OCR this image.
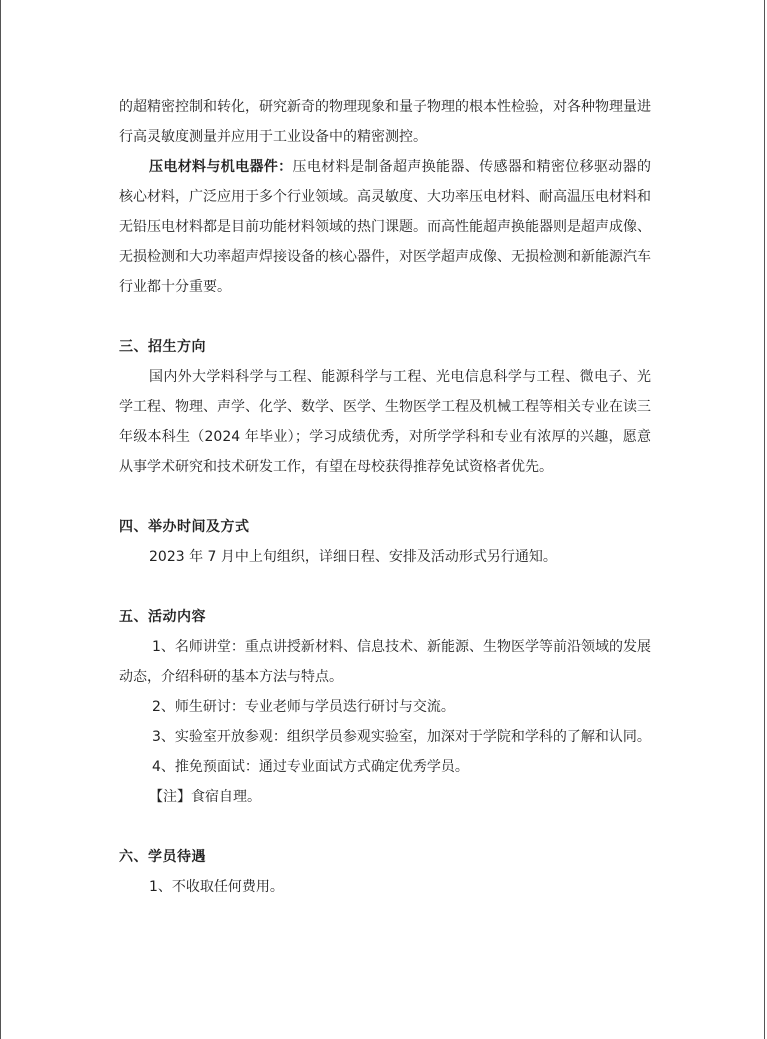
的超精密控制和转化，研究新奇的物理现象和量子物理的根本性检验，对各种物理量进行高灵敏度测量并应用于工业设备中的精密测控。

压电材料与机电器件：压电材料是制备超声换能器、传感器和精密位移驱动器的核心材料，广泛应用于多个行业领域。高灵敏度、大功率压电材料、耐高温压电材料和无铅压电材料都是目前功能材料领域的热门课题。而高性能超声换能器则是超声成像、无损检测和大功率超声焊接设备的核心器件，对医学超声成像、无损检测和新能源汽车行业都十分重要。

三、招生方向

国内外大学料科学与工程、能源科学与工程、光电信息科学与工程、微电子、光学工程、物理、声学、化学、数学、医学、生物医学工程及机械工程等相关专业在读三年级本科生（2024 年毕业）；学习成绩优秀，对所学学科和专业有浓厚的兴趣，愿意从事学术研究和技术研发工作，有望在母校获得推荐免试资格者优先。

四、举办时间及方式

2023 年 7 月中上旬组织，详细日程、安排及活动形式另行通知。

五、活动内容

1、名师讲堂：重点讲授新材料、信息技术、新能源、生物医学等前沿领域的发展动态，介绍科研的基本方法与特点。

2、师生研讨：专业老师与学员迭行研讨与交流。

3、实验室开放参观：组织学员参观实验室，加深对于学院和学科的了解和认同。

4、推免预面试：通过专业面试方式确定优秀学员。

【注】食宿自理。

六、学员待遇

1、不收取任何费用。
